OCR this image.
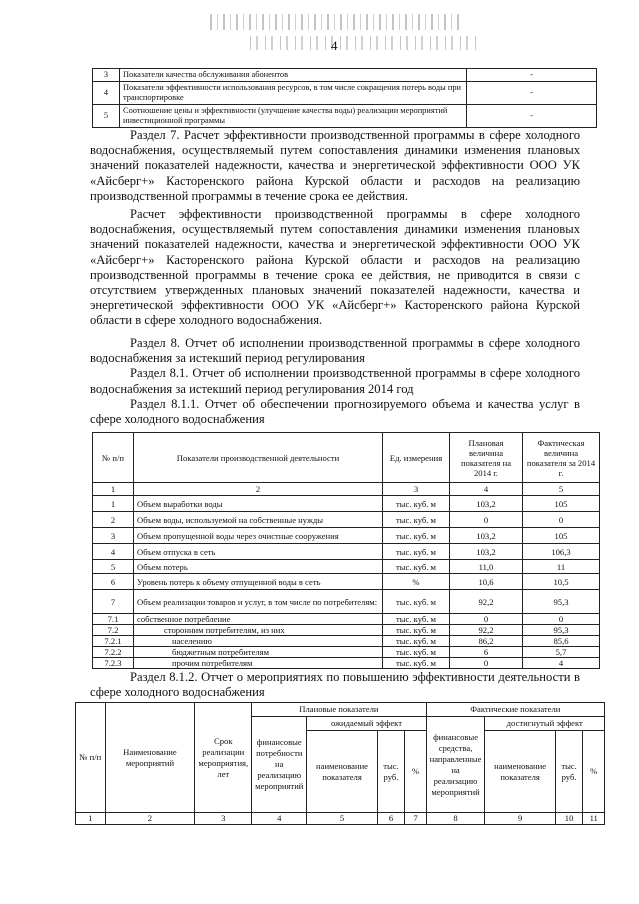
4
3	Показатели качества обслуживания абонентов	-
4	Показатели эффективности использования ресурсов, в том числе сокращения потерь воды при транспортировке	-
5	Соотношение цены и эффективности (улучшение качества воды) реализации мероприятий инвестиционной программы	-

Раздел 7. Расчет эффективности производственной программы в сфере холодного водоснабжения, осуществляемый путем сопоставления динамики изменения плановых значений показателей надежности, качества и энергетической эффективности ООО УК «Айсберг+» Касторенского района Курской области и расходов на реализацию производственной программы в течение срока ее действия.

Расчет эффективности производственной программы в сфере холодного водоснабжения, осуществляемый путем сопоставления динамики изменения плановых значений показателей надежности, качества и энергетической эффективности ООО УК «Айсберг+» Касторенского района Курской области и расходов на реализацию производственной программы в течение срока ее действия, не приводится в связи с отсутствием утвержденных плановых значений показателей надежности, качества и энергетической эффективности ООО УК «Айсберг+» Касторенского района Курской области в сфере холодного водоснабжения.

Раздел 8. Отчет об исполнении производственной программы в сфере холодного водоснабжения за истекший период регулирования

Раздел 8.1. Отчет об исполнении производственной программы в сфере холодного водоснабжения за истекший период регулирования 2014 год

Раздел 8.1.1. Отчет об обеспечении прогнозируемого объема и качества услуг в сфере холодного водоснабжения

№ п/п	Показатели производственной деятельности	Ед. измерения	Плановая величина показателя на 2014 г.	Фактическая величина показателя за 2014 г.
1	2	3	4	5
1	Объем выработки воды	тыс. куб. м	103,2	105
2	Объем воды, используемой на собственные нужды	тыс. куб. м	0	0
3	Объем пропущенной воды через очистные сооружения	тыс. куб. м	103,2	105
4	Объем отпуска в сеть	тыс. куб. м	103,2	106,3
5	Объем потерь	тыс. куб. м	11,0	11
6	Уровень потерь к объему отпущенной воды в сеть	%	10,6	10,5
7	Объем реализации товаров и услуг, в том числе по потребителям:	тыс. куб. м	92,2	95,3
7.1	собственное потребление	тыс. куб. м	0	0
7.2	сторонним потребителям, из них	тыс. куб. м	92,2	95,3
7.2.1	населению	тыс. куб. м	86,2	85,6
7.2.2	бюджетным потребителям	тыс. куб. м	6	5,7
7.2.3	прочим потребителям	тыс. куб. м	0	4

Раздел 8.1.2. Отчет о мероприятиях по повышению эффективности деятельности в сфере холодного водоснабжения

№ п/п	Наименование мероприятий	Срок реализации мероприятия, лет	Плановые показатели				Фактические показатели			
			финансовые потребности на реализацию мероприятий	ожидаемый эффект			финансовые средства, направленные на реализацию мероприятий	достигнутый эффект		
				наименование показателя	тыс. руб.	%		наименование показателя	тыс. руб.	%
1	2	3	4	5	6	7	8	9	10	11
